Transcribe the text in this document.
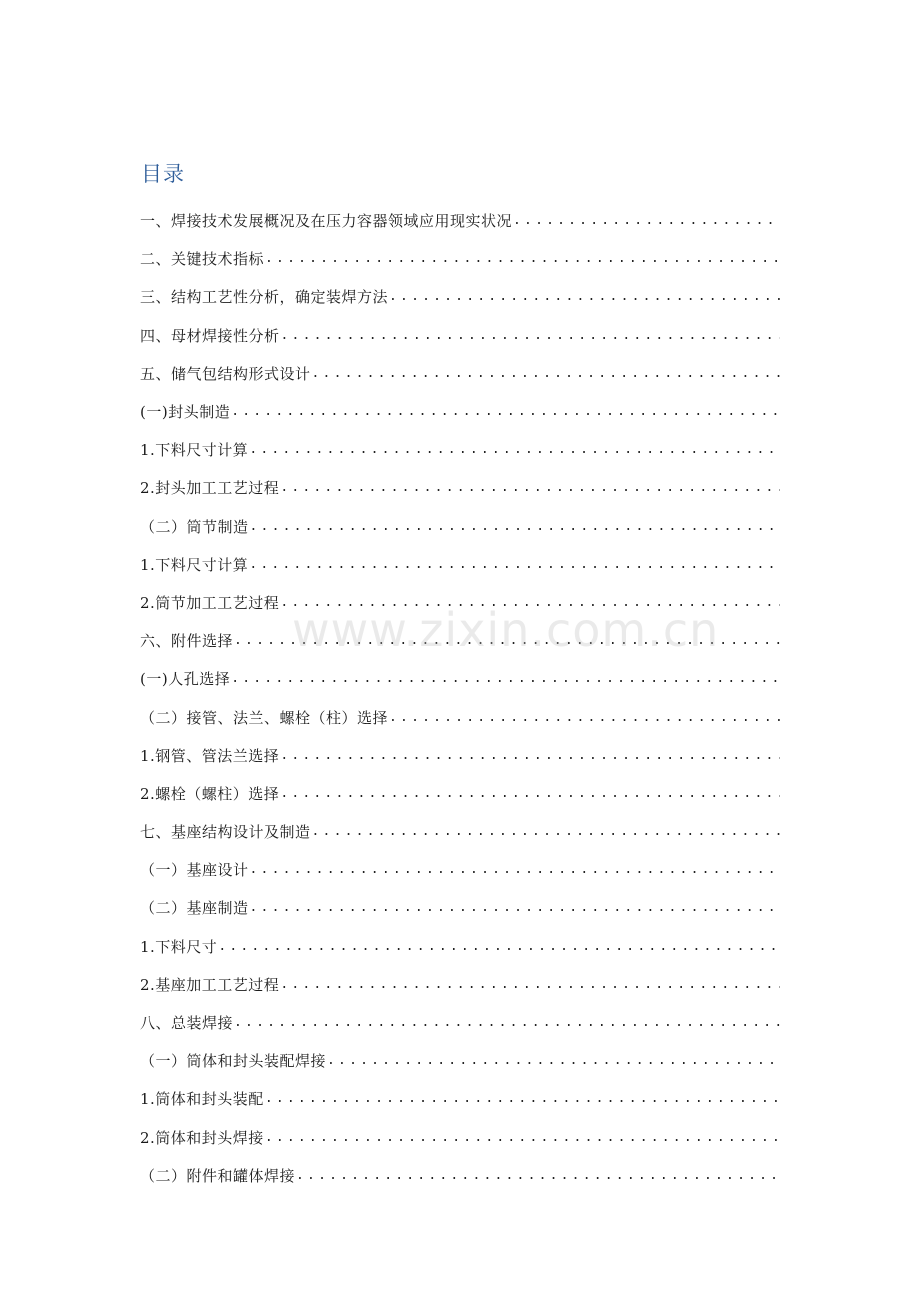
目录
一、焊接技术发展概况及在压力容器领域应用现实状况
.....
二、关键技术指标
.....
三、结构工艺性分析，确定装焊方法
.....
四、母材焊接性分析
.....
五、储气包结构形式设计
.....
(一)封头制造
.....
1.下料尺寸计算
.....
2.封头加工工艺过程
.....
（二）筒节制造
.....
1.下料尺寸计算
.....
2.筒节加工工艺过程
.....
六、附件选择
.....
(一)人孔选择
.....
（二）接管、法兰、螺栓（柱）选择
.....
1.钢管、管法兰选择
.....
2.螺栓（螺柱）选择
.....
七、基座结构设计及制造
.....
（一）基座设计
.....
（二）基座制造
.....
1.下料尺寸
.....
2.基座加工工艺过程
.....
八、总装焊接
.....
（一）筒体和封头装配焊接
.....
1.筒体和封头装配
.....
2.筒体和封头焊接
.....
（二）附件和罐体焊接
.....
www.zixin.com.cn
